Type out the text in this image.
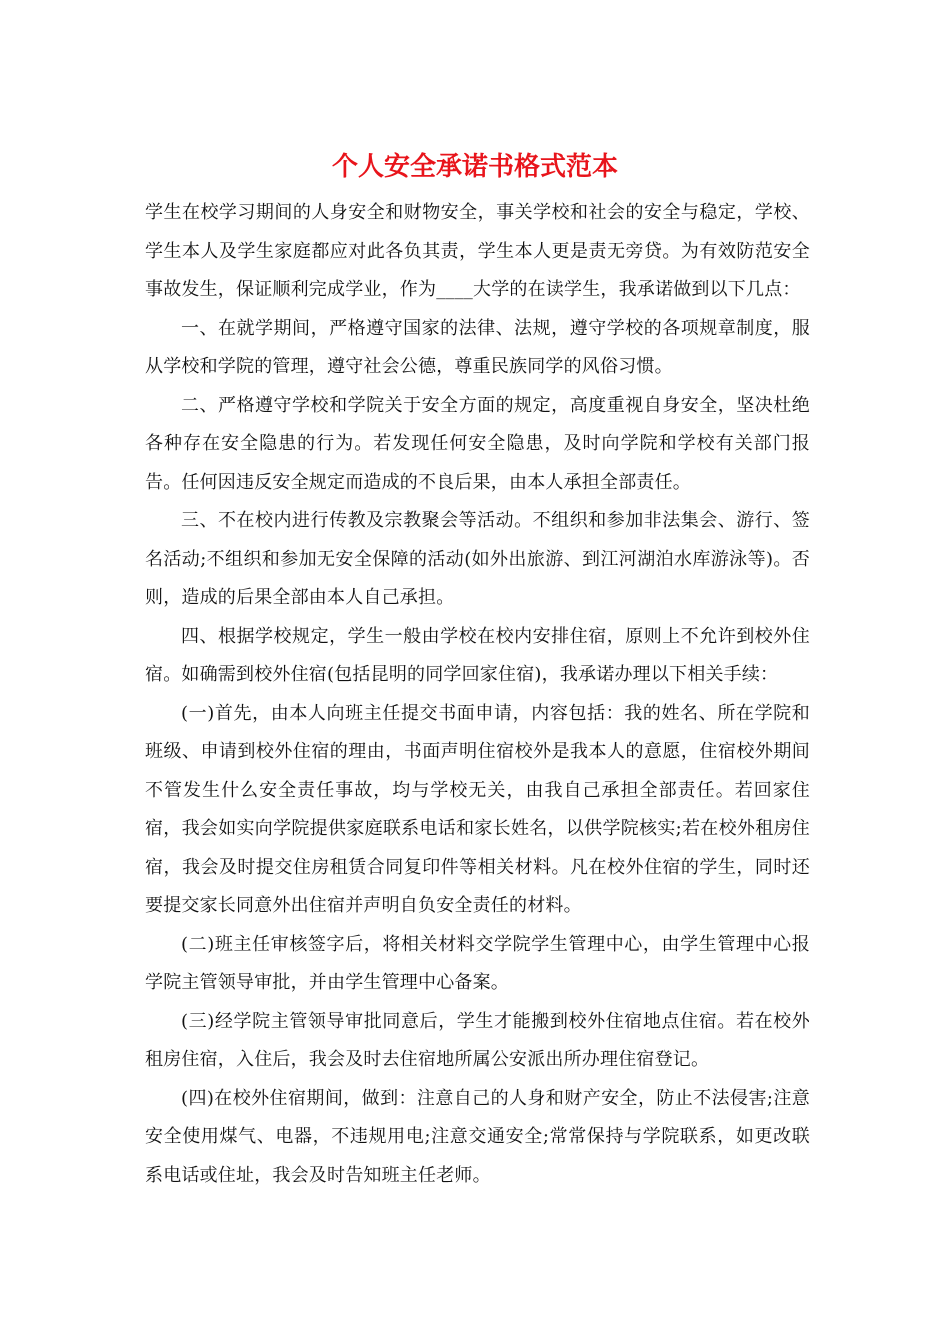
个人安全承诺书格式范本

学生在校学习期间的人身安全和财物安全，事关学校和社会的安全与稳定，学校、学生本人及学生家庭都应对此各负其责，学生本人更是责无旁贷。为有效防范安全事故发生，保证顺利完成学业，作为____大学的在读学生，我承诺做到以下几点：

一、在就学期间，严格遵守国家的法律、法规，遵守学校的各项规章制度，服从学校和学院的管理，遵守社会公德，尊重民族同学的风俗习惯。

二、严格遵守学校和学院关于安全方面的规定，高度重视自身安全，坚决杜绝各种存在安全隐患的行为。若发现任何安全隐患，及时向学院和学校有关部门报告。任何因违反安全规定而造成的不良后果，由本人承担全部责任。

三、不在校内进行传教及宗教聚会等活动。不组织和参加非法集会、游行、签名活动;不组织和参加无安全保障的活动(如外出旅游、到江河湖泊水库游泳等)。否则，造成的后果全部由本人自己承担。

四、根据学校规定，学生一般由学校在校内安排住宿，原则上不允许到校外住宿。如确需到校外住宿(包括昆明的同学回家住宿)，我承诺办理以下相关手续：

(一)首先，由本人向班主任提交书面申请，内容包括：我的姓名、所在学院和班级、申请到校外住宿的理由，书面声明住宿校外是我本人的意愿，住宿校外期间不管发生什么安全责任事故，均与学校无关，由我自己承担全部责任。若回家住宿，我会如实向学院提供家庭联系电话和家长姓名，以供学院核实;若在校外租房住宿，我会及时提交住房租赁合同复印件等相关材料。凡在校外住宿的学生，同时还要提交家长同意外出住宿并声明自负安全责任的材料。

(二)班主任审核签字后，将相关材料交学院学生管理中心，由学生管理中心报学院主管领导审批，并由学生管理中心备案。

(三)经学院主管领导审批同意后，学生才能搬到校外住宿地点住宿。若在校外租房住宿，入住后，我会及时去住宿地所属公安派出所办理住宿登记。

(四)在校外住宿期间，做到：注意自己的人身和财产安全，防止不法侵害;注意安全使用煤气、电器，不违规用电;注意交通安全;常常保持与学院联系，如更改联系电话或住址，我会及时告知班主任老师。
